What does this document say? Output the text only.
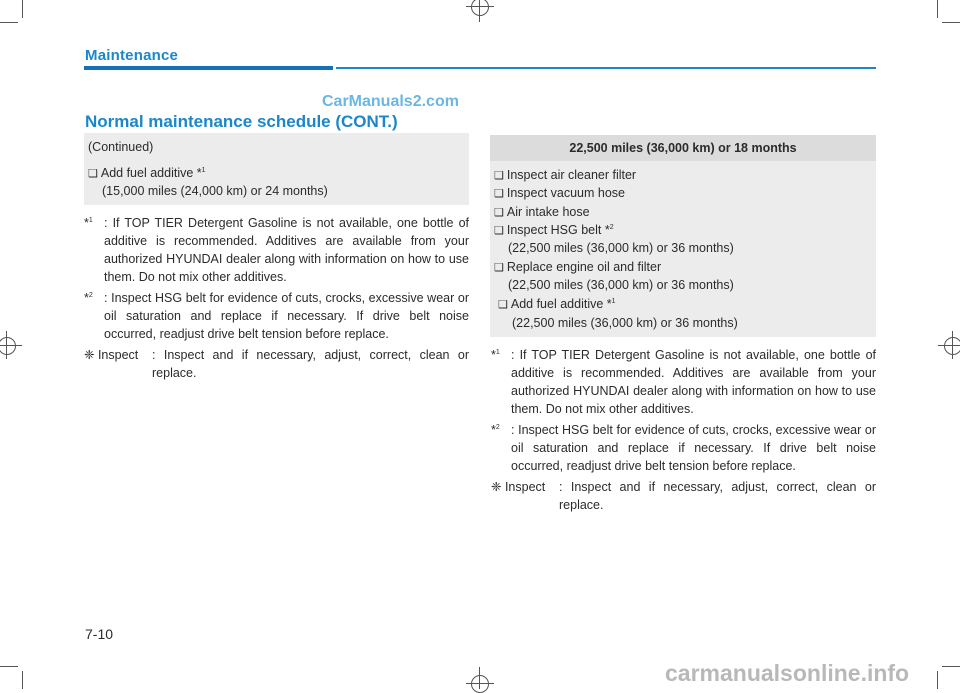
Maintenance
CarManuals2.com
Normal maintenance schedule (CONT.)
(Continued)
❑ Add fuel additive *$^1$
(15,000 miles (24,000 km) or 24 months)
*$^1$ : If TOP TIER Detergent Gasoline is not available, one bottle of additive is recommended. Additives are available from your authorized HYUNDAI dealer along with information on how to use them. Do not mix other additives.
*$^2$ : Inspect HSG belt for evidence of cuts, crocks, excessive wear or oil saturation and replace if necessary. If drive belt noise occurred, readjust drive belt tension before replace.
❈ Inspect : Inspect and if necessary, adjust, correct, clean or replace.
22,500 miles (36,000 km) or 18 months
❑ Inspect air cleaner filter
❑ Inspect vacuum hose
❑ Air intake hose
❑ Inspect HSG belt *$^2$
(22,500 miles (36,000 km) or 36 months)
❑ Replace engine oil and filter
(22,500 miles (36,000 km) or 36 months)
❑ Add fuel additive *$^1$
(22,500 miles (36,000 km) or 36 months)
*$^1$ : If TOP TIER Detergent Gasoline is not available, one bottle of additive is recommended. Additives are available from your authorized HYUNDAI dealer along with information on how to use them. Do not mix other additives.
*$^2$ : Inspect HSG belt for evidence of cuts, crocks, excessive wear or oil saturation and replace if necessary. If drive belt noise occurred, readjust drive belt tension before replace.
❈ Inspect : Inspect and if necessary, adjust, correct, clean or replace.
7-10
carmanualsonline.info
